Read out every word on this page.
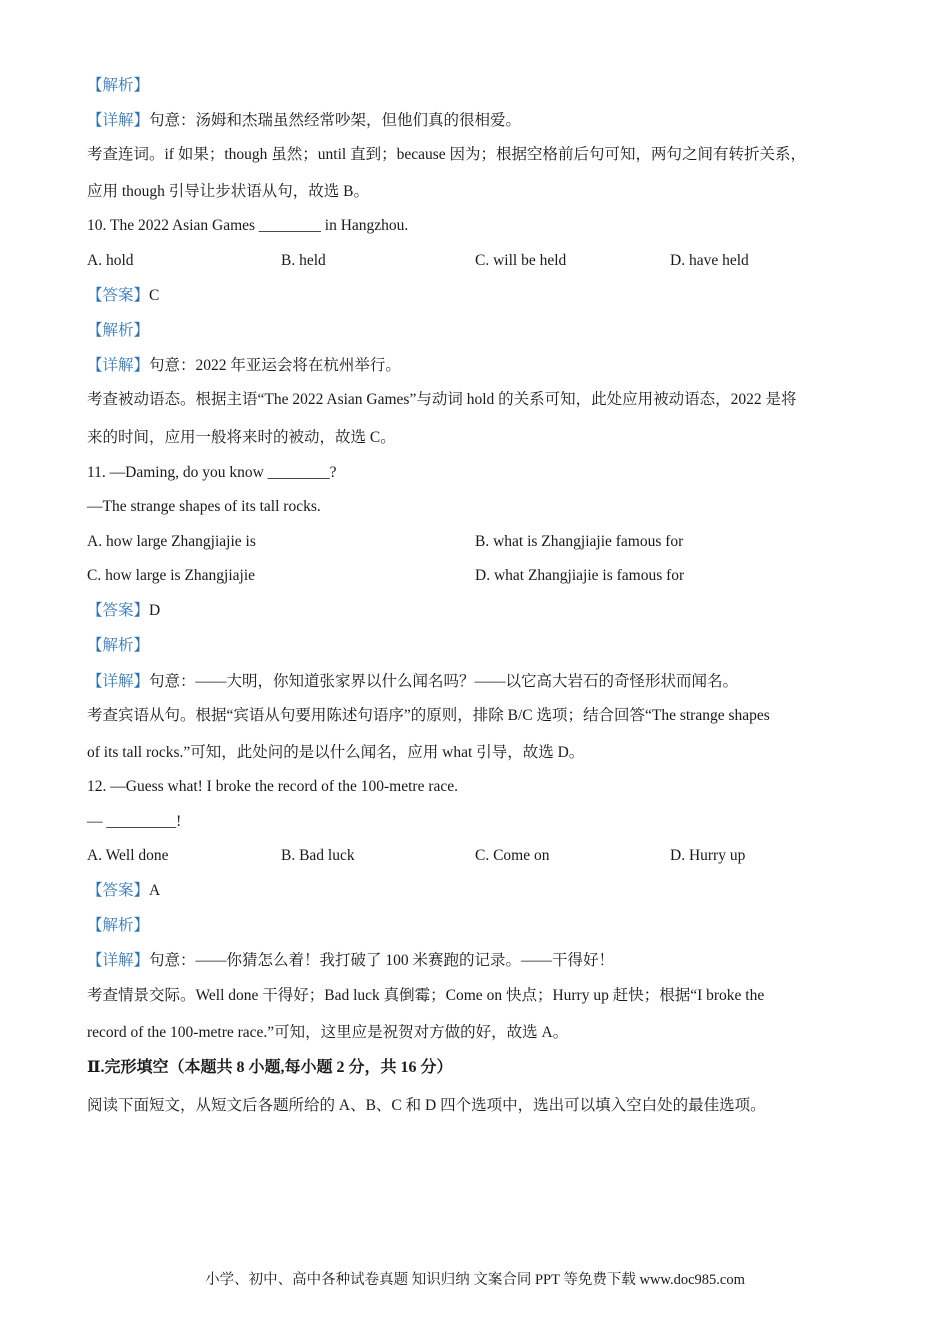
【解析】
【详解】句意：汤姆和杰瑞虽然经常吵架，但他们真的很相爱。
考查连词。if 如果；though 虽然；until 直到；because 因为；根据空格前后句可知，两句之间有转折关系，
应用 though 引导让步状语从句，故选 B。
10. The 2022 Asian Games ________ in Hangzhou.
A. hold	B. held	C. will be held	D. have held
【答案】C
【解析】
【详解】句意：2022 年亚运会将在杭州举行。
考查被动语态。根据主语“The 2022 Asian Games”与动词 hold 的关系可知，此处应用被动语态，2022 是将
来的时间，应用一般将来时的被动，故选 C。
11. —Daming, do you know ________?
—The strange shapes of its tall rocks.
A. how large Zhangjiajie is	B. what is Zhangjiajie famous for
C. how large is Zhangjiajie	D. what Zhangjiajie is famous for
【答案】D
【解析】
【详解】句意：——大明，你知道张家界以什么闻名吗？——以它高大岩石的奇怪形状而闻名。
考查宾语从句。根据“宾语从句要用陈述句语序”的原则，排除 B/C 选项；结合回答“The strange shapes
of its tall rocks.”可知，此处问的是以什么闻名，应用 what 引导，故选 D。
12. —Guess what! I broke the record of the 100-metre race.
— _________!
A. Well done	B. Bad luck	C. Come on	D. Hurry up
【答案】A
【解析】
【详解】句意：——你猜怎么着！我打破了 100 米赛跑的记录。——干得好！
考查情景交际。Well done 干得好；Bad luck 真倒霉；Come on 快点；Hurry up 赶快；根据“I broke the
record of the 100-metre race.”可知，这里应是祝贺对方做的好，故选 A。
Ⅱ.完形填空（本题共 8 小题,每小题 2 分，共 16 分）
阅读下面短文，从短文后各题所给的 A、B、C 和 D 四个选项中，选出可以填入空白处的最佳选项。
小学、初中、高中各种试卷真题 知识归纳 文案合同 PPT 等免费下载 www.doc985.com
